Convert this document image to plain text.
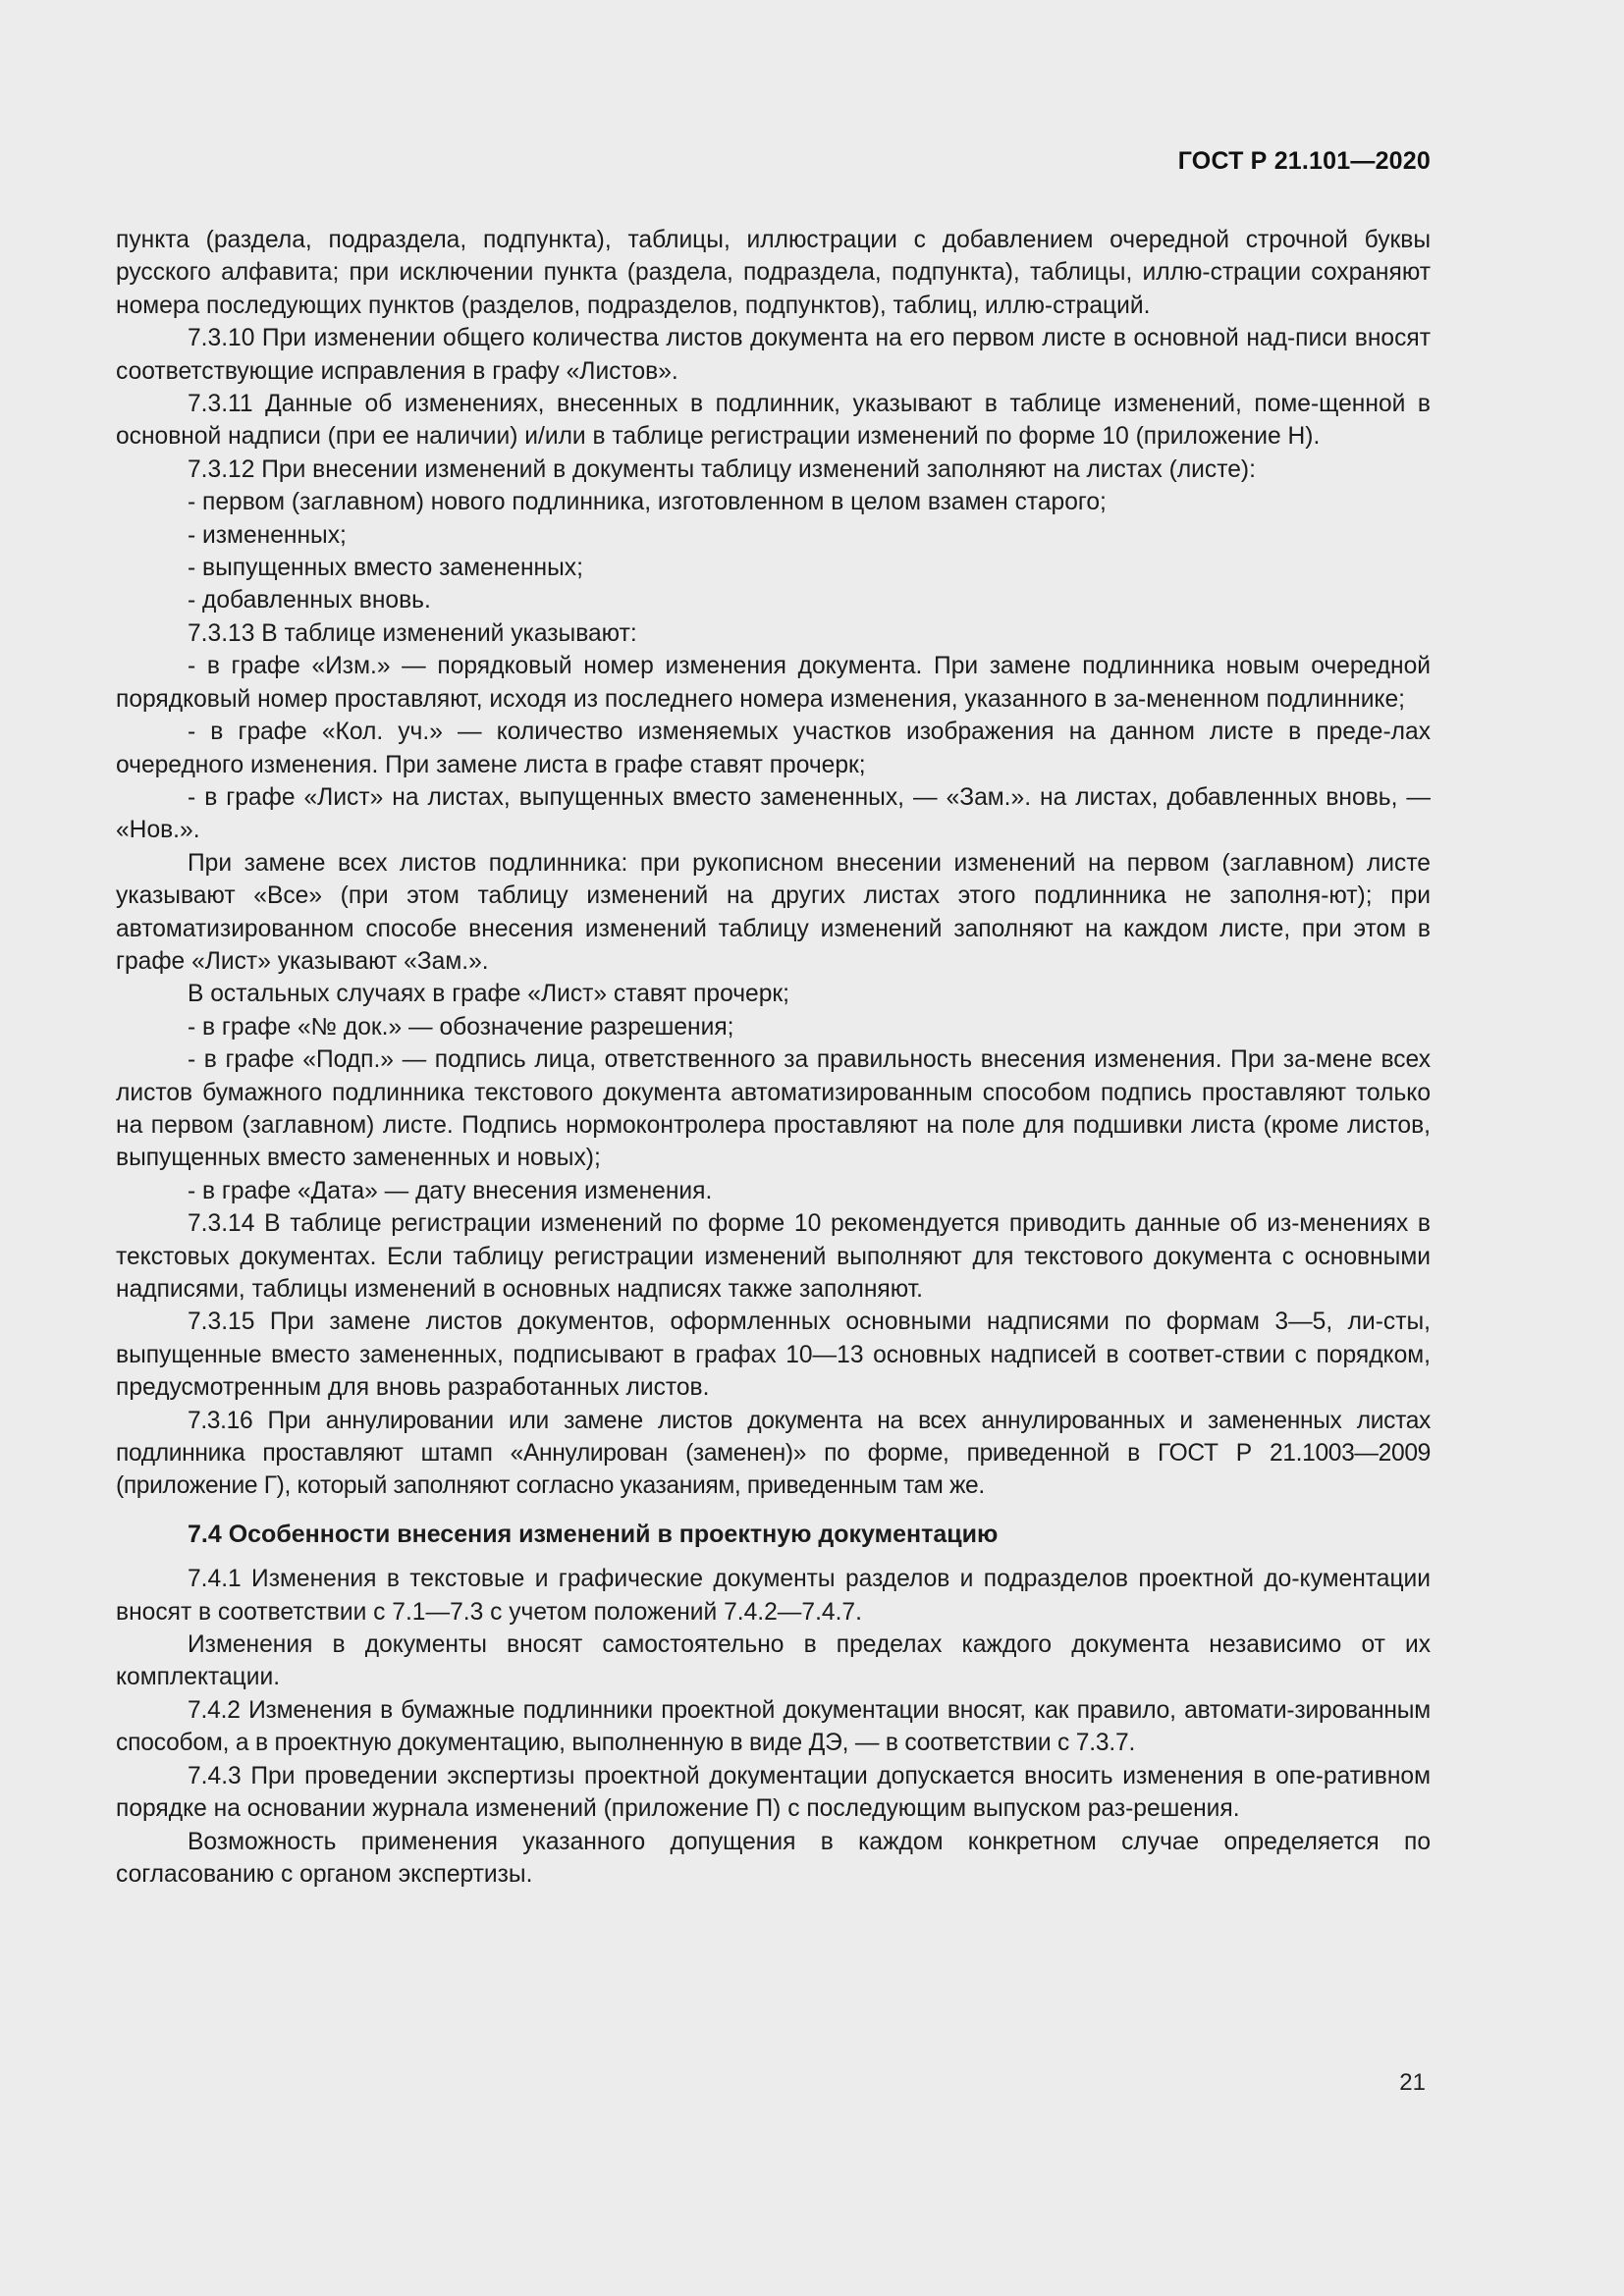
ГОСТ Р 21.101—2020

пункта (раздела, подраздела, подпункта), таблицы, иллюстрации с добавлением очередной строчной буквы русского алфавита; при исключении пункта (раздела, подраздела, подпункта), таблицы, иллю-страции сохраняют номера последующих пунктов (разделов, подразделов, подпунктов), таблиц, иллю-страций.

7.3.10 При изменении общего количества листов документа на его первом листе в основной над-писи вносят соответствующие исправления в графу «Листов».

7.3.11 Данные об изменениях, внесенных в подлинник, указывают в таблице изменений, поме-щенной в основной надписи (при ее наличии) и/или в таблице регистрации изменений по форме 10 (приложение Н).

7.3.12 При внесении изменений в документы таблицу изменений заполняют на листах (листе):

- первом (заглавном) нового подлинника, изготовленном в целом взамен старого;

- измененных;

- выпущенных вместо замененных;

- добавленных вновь.

7.3.13 В таблице изменений указывают:

- в графе «Изм.» — порядковый номер изменения документа. При замене подлинника новым очередной порядковый номер проставляют, исходя из последнего номера изменения, указанного в за-мененном подлиннике;

- в графе «Кол. уч.» — количество изменяемых участков изображения на данном листе в преде-лах очередного изменения. При замене листа в графе ставят прочерк;

- в графе «Лист» на листах, выпущенных вместо замененных, — «Зам.». на листах, добавленных вновь, — «Нов.».

При замене всех листов подлинника: при рукописном внесении изменений на первом (заглавном) листе указывают «Все» (при этом таблицу изменений на других листах этого подлинника не заполня-ют); при автоматизированном способе внесения изменений таблицу изменений заполняют на каждом листе, при этом в графе «Лист» указывают «Зам.».

В остальных случаях в графе «Лист» ставят прочерк;

- в графе «№ док.» — обозначение разрешения;

- в графе «Подп.» — подпись лица, ответственного за правильность внесения изменения. При за-мене всех листов бумажного подлинника текстового документа автоматизированным способом подпись проставляют только на первом (заглавном) листе. Подпись нормоконтролера проставляют на поле для подшивки листа (кроме листов, выпущенных вместо замененных и новых);

- в графе «Дата» — дату внесения изменения.

7.3.14 В таблице регистрации изменений по форме 10 рекомендуется приводить данные об из-менениях в текстовых документах. Если таблицу регистрации изменений выполняют для текстового документа с основными надписями, таблицы изменений в основных надписях также заполняют.

7.3.15 При замене листов документов, оформленных основными надписями по формам 3—5, ли-сты, выпущенные вместо замененных, подписывают в графах 10—13 основных надписей в соответ-ствии с порядком, предусмотренным для вновь разработанных листов.

7.3.16 При аннулировании или замене листов документа на всех аннулированных и замененных листах подлинника проставляют штамп «Аннулирован (заменен)» по форме, приведенной в ГОСТ Р 21.1003—2009 (приложение Г), который заполняют согласно указаниям, приведенным там же.

7.4 Особенности внесения изменений в проектную документацию

7.4.1 Изменения в текстовые и графические документы разделов и подразделов проектной до-кументации вносят в соответствии с 7.1—7.3 с учетом положений 7.4.2—7.4.7.

Изменения в документы вносят самостоятельно в пределах каждого документа независимо от их комплектации.

7.4.2 Изменения в бумажные подлинники проектной документации вносят, как правило, автомати-зированным способом, а в проектную документацию, выполненную в виде ДЭ, — в соответствии с 7.3.7.

7.4.3 При проведении экспертизы проектной документации допускается вносить изменения в опе-ративном порядке на основании журнала изменений (приложение П) с последующим выпуском раз-решения.

Возможность применения указанного допущения в каждом конкретном случае определяется по согласованию с органом экспертизы.

21
